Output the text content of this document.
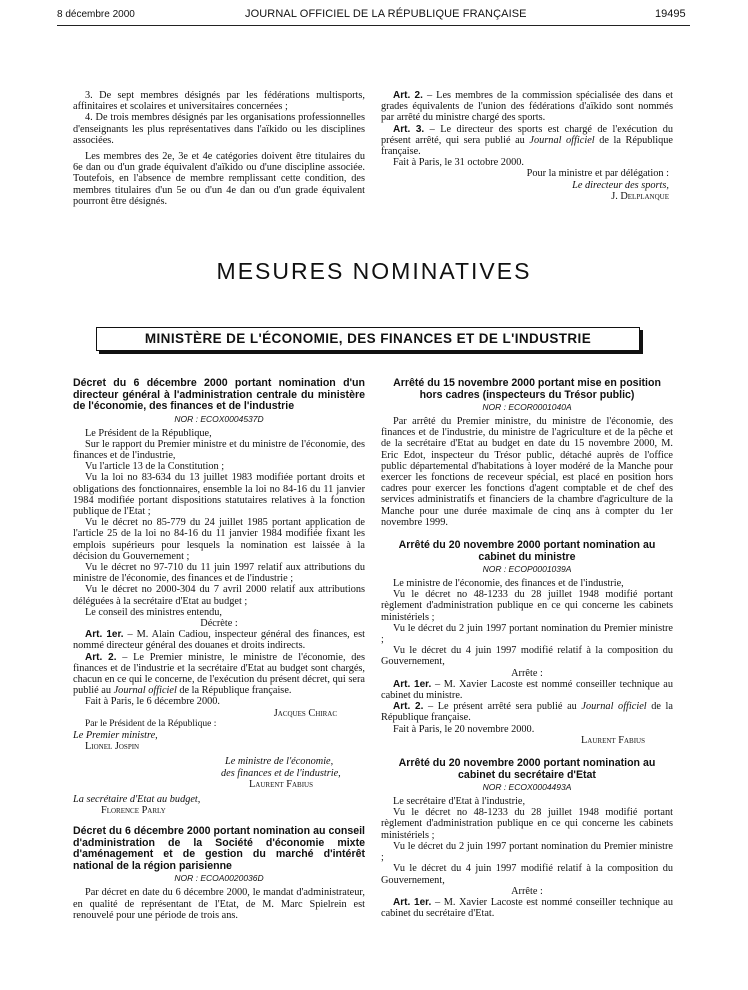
8 décembre 2000	JOURNAL OFFICIEL DE LA RÉPUBLIQUE FRANÇAISE	19495

3. De sept membres désignés par les fédérations multisports, affinitaires et scolaires et universitaires concernées ;

4. De trois membres désignés par les organisations professionnelles d'enseignants les plus représentatives dans l'aïkido ou les disciplines associées.

Les membres des 2e, 3e et 4e catégories doivent être titulaires du 6e dan ou d'un grade équivalent d'aïkido ou d'une discipline associée. Toutefois, en l'absence de membre remplissant cette condition, des membres titulaires d'un 5e ou d'un 4e dan ou d'un grade équivalent pourront être désignés.

Art. 2. – Les membres de la commission spécialisée des dans et grades équivalents de l'union des fédérations d'aïkido sont nommés par arrêté du ministre chargé des sports.

Art. 3. – Le directeur des sports est chargé de l'exécution du présent arrêté, qui sera publié au Journal officiel de la République française.

Fait à Paris, le 31 octobre 2000.

Pour la ministre et par délégation :

Le directeur des sports,

J. Delplanque

MESURES NOMINATIVES
MINISTÈRE DE L'ÉCONOMIE, DES FINANCES ET DE L'INDUSTRIE
Décret du 6 décembre 2000 portant nomination d'un directeur général à l'administration centrale du ministère de l'économie, des finances et de l'industrie
NOR : ECOX0004537D

Le Président de la République,

Sur le rapport du Premier ministre et du ministre de l'économie, des finances et de l'industrie,

Vu l'article 13 de la Constitution ;

Vu la loi no 83-634 du 13 juillet 1983 modifiée portant droits et obligations des fonctionnaires, ensemble la loi no 84-16 du 11 janvier 1984 modifiée portant dispositions statutaires relatives à la fonction publique de l'Etat ;

Vu le décret no 85-779 du 24 juillet 1985 portant application de l'article 25 de la loi no 84-16 du 11 janvier 1984 modifiée fixant les emplois supérieurs pour lesquels la nomination est laissée à la décision du Gouvernement ;

Vu le décret no 97-710 du 11 juin 1997 relatif aux attributions du ministre de l'économie, des finances et de l'industrie ;

Vu le décret no 2000-304 du 7 avril 2000 relatif aux attributions déléguées à la secrétaire d'Etat au budget ;

Le conseil des ministres entendu,

Décrète :

Art. 1er. – M. Alain Cadiou, inspecteur général des finances, est nommé directeur général des douanes et droits indirects.

Art. 2. – Le Premier ministre, le ministre de l'économie, des finances et de l'industrie et la secrétaire d'Etat au budget sont chargés, chacun en ce qui le concerne, de l'exécution du présent décret, qui sera publié au Journal officiel de la République française.

Fait à Paris, le 6 décembre 2000.

Jacques Chirac

Par le Président de la République :

Le Premier ministre,

Lionel Jospin

Le ministre de l'économie,

des finances et de l'industrie,

Laurent Fabius

La secrétaire d'Etat au budget,

Florence Parly

Décret du 6 décembre 2000 portant nomination au conseil d'administration de la Société d'économie mixte d'aménagement et de gestion du marché d'intérêt national de la région parisienne
NOR : ECOA0020036D

Par décret en date du 6 décembre 2000, le mandat d'administrateur, en qualité de représentant de l'Etat, de M. Marc Spielrein est renouvelé pour une période de trois ans.

Arrêté du 15 novembre 2000 portant mise en position hors cadres (inspecteurs du Trésor public)
NOR : ECOR0001040A

Par arrêté du Premier ministre, du ministre de l'économie, des finances et de l'industrie, du ministre de l'agriculture et de la pêche et de la secrétaire d'Etat au budget en date du 15 novembre 2000, M. Eric Edot, inspecteur du Trésor public, détaché auprès de l'office public départemental d'habitations à loyer modéré de la Manche pour exercer les fonctions de receveur spécial, est placé en position hors cadres pour exercer les fonctions d'agent comptable et de chef des services administratifs et financiers de la chambre d'agriculture de la Manche pour une durée maximale de cinq ans à compter du 1er novembre 1999.

Arrêté du 20 novembre 2000 portant nomination au cabinet du ministre
NOR : ECOP0001039A

Le ministre de l'économie, des finances et de l'industrie,

Vu le décret no 48-1233 du 28 juillet 1948 modifié portant règlement d'administration publique en ce qui concerne les cabinets ministériels ;

Vu le décret du 2 juin 1997 portant nomination du Premier ministre ;

Vu le décret du 4 juin 1997 modifié relatif à la composition du Gouvernement,

Arrête :

Art. 1er. – M. Xavier Lacoste est nommé conseiller technique au cabinet du ministre.

Art. 2. – Le présent arrêté sera publié au Journal officiel de la République française.

Fait à Paris, le 20 novembre 2000.

Laurent Fabius

Arrêté du 20 novembre 2000 portant nomination au cabinet du secrétaire d'Etat
NOR : ECOX0004493A

Le secrétaire d'Etat à l'industrie,

Vu le décret no 48-1233 du 28 juillet 1948 modifié portant règlement d'administration publique en ce qui concerne les cabinets ministériels ;

Vu le décret du 2 juin 1997 portant nomination du Premier ministre ;

Vu le décret du 4 juin 1997 modifié relatif à la composition du Gouvernement,

Arrête :

Art. 1er. – M. Xavier Lacoste est nommé conseiller technique au cabinet du secrétaire d'Etat.
